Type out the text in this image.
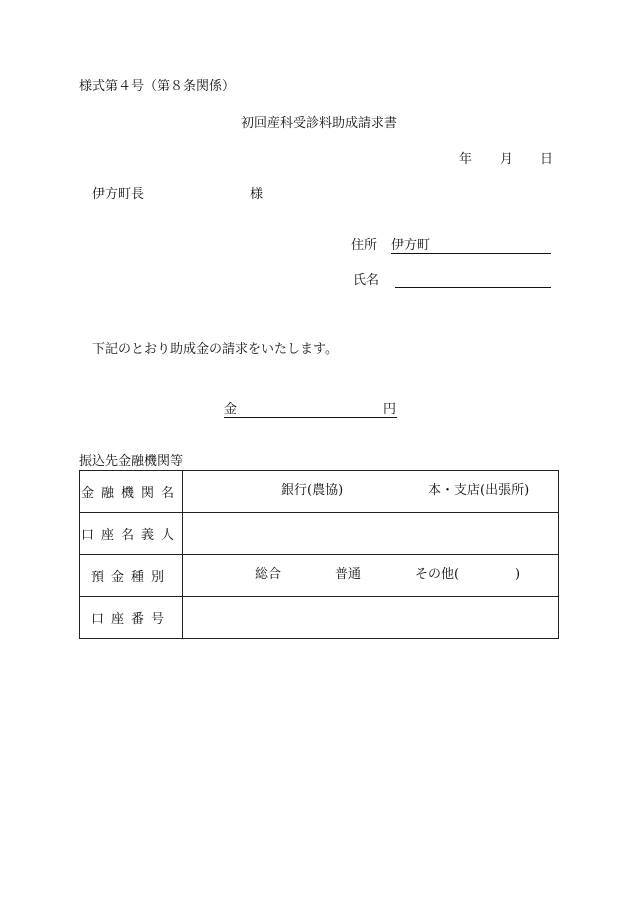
様式第４号（第８条関係）
初回産科受診料助成請求書
年 月 日
伊方町長	様
住所 伊方町
氏名
下記のとおり助成金の請求をいたします。
金	円
振込先金融機関等
金融機関名	銀行(農協) 本・支店(出張所)

口座名義人	
預金種別	総合 普通 その他( )

口座番号	
